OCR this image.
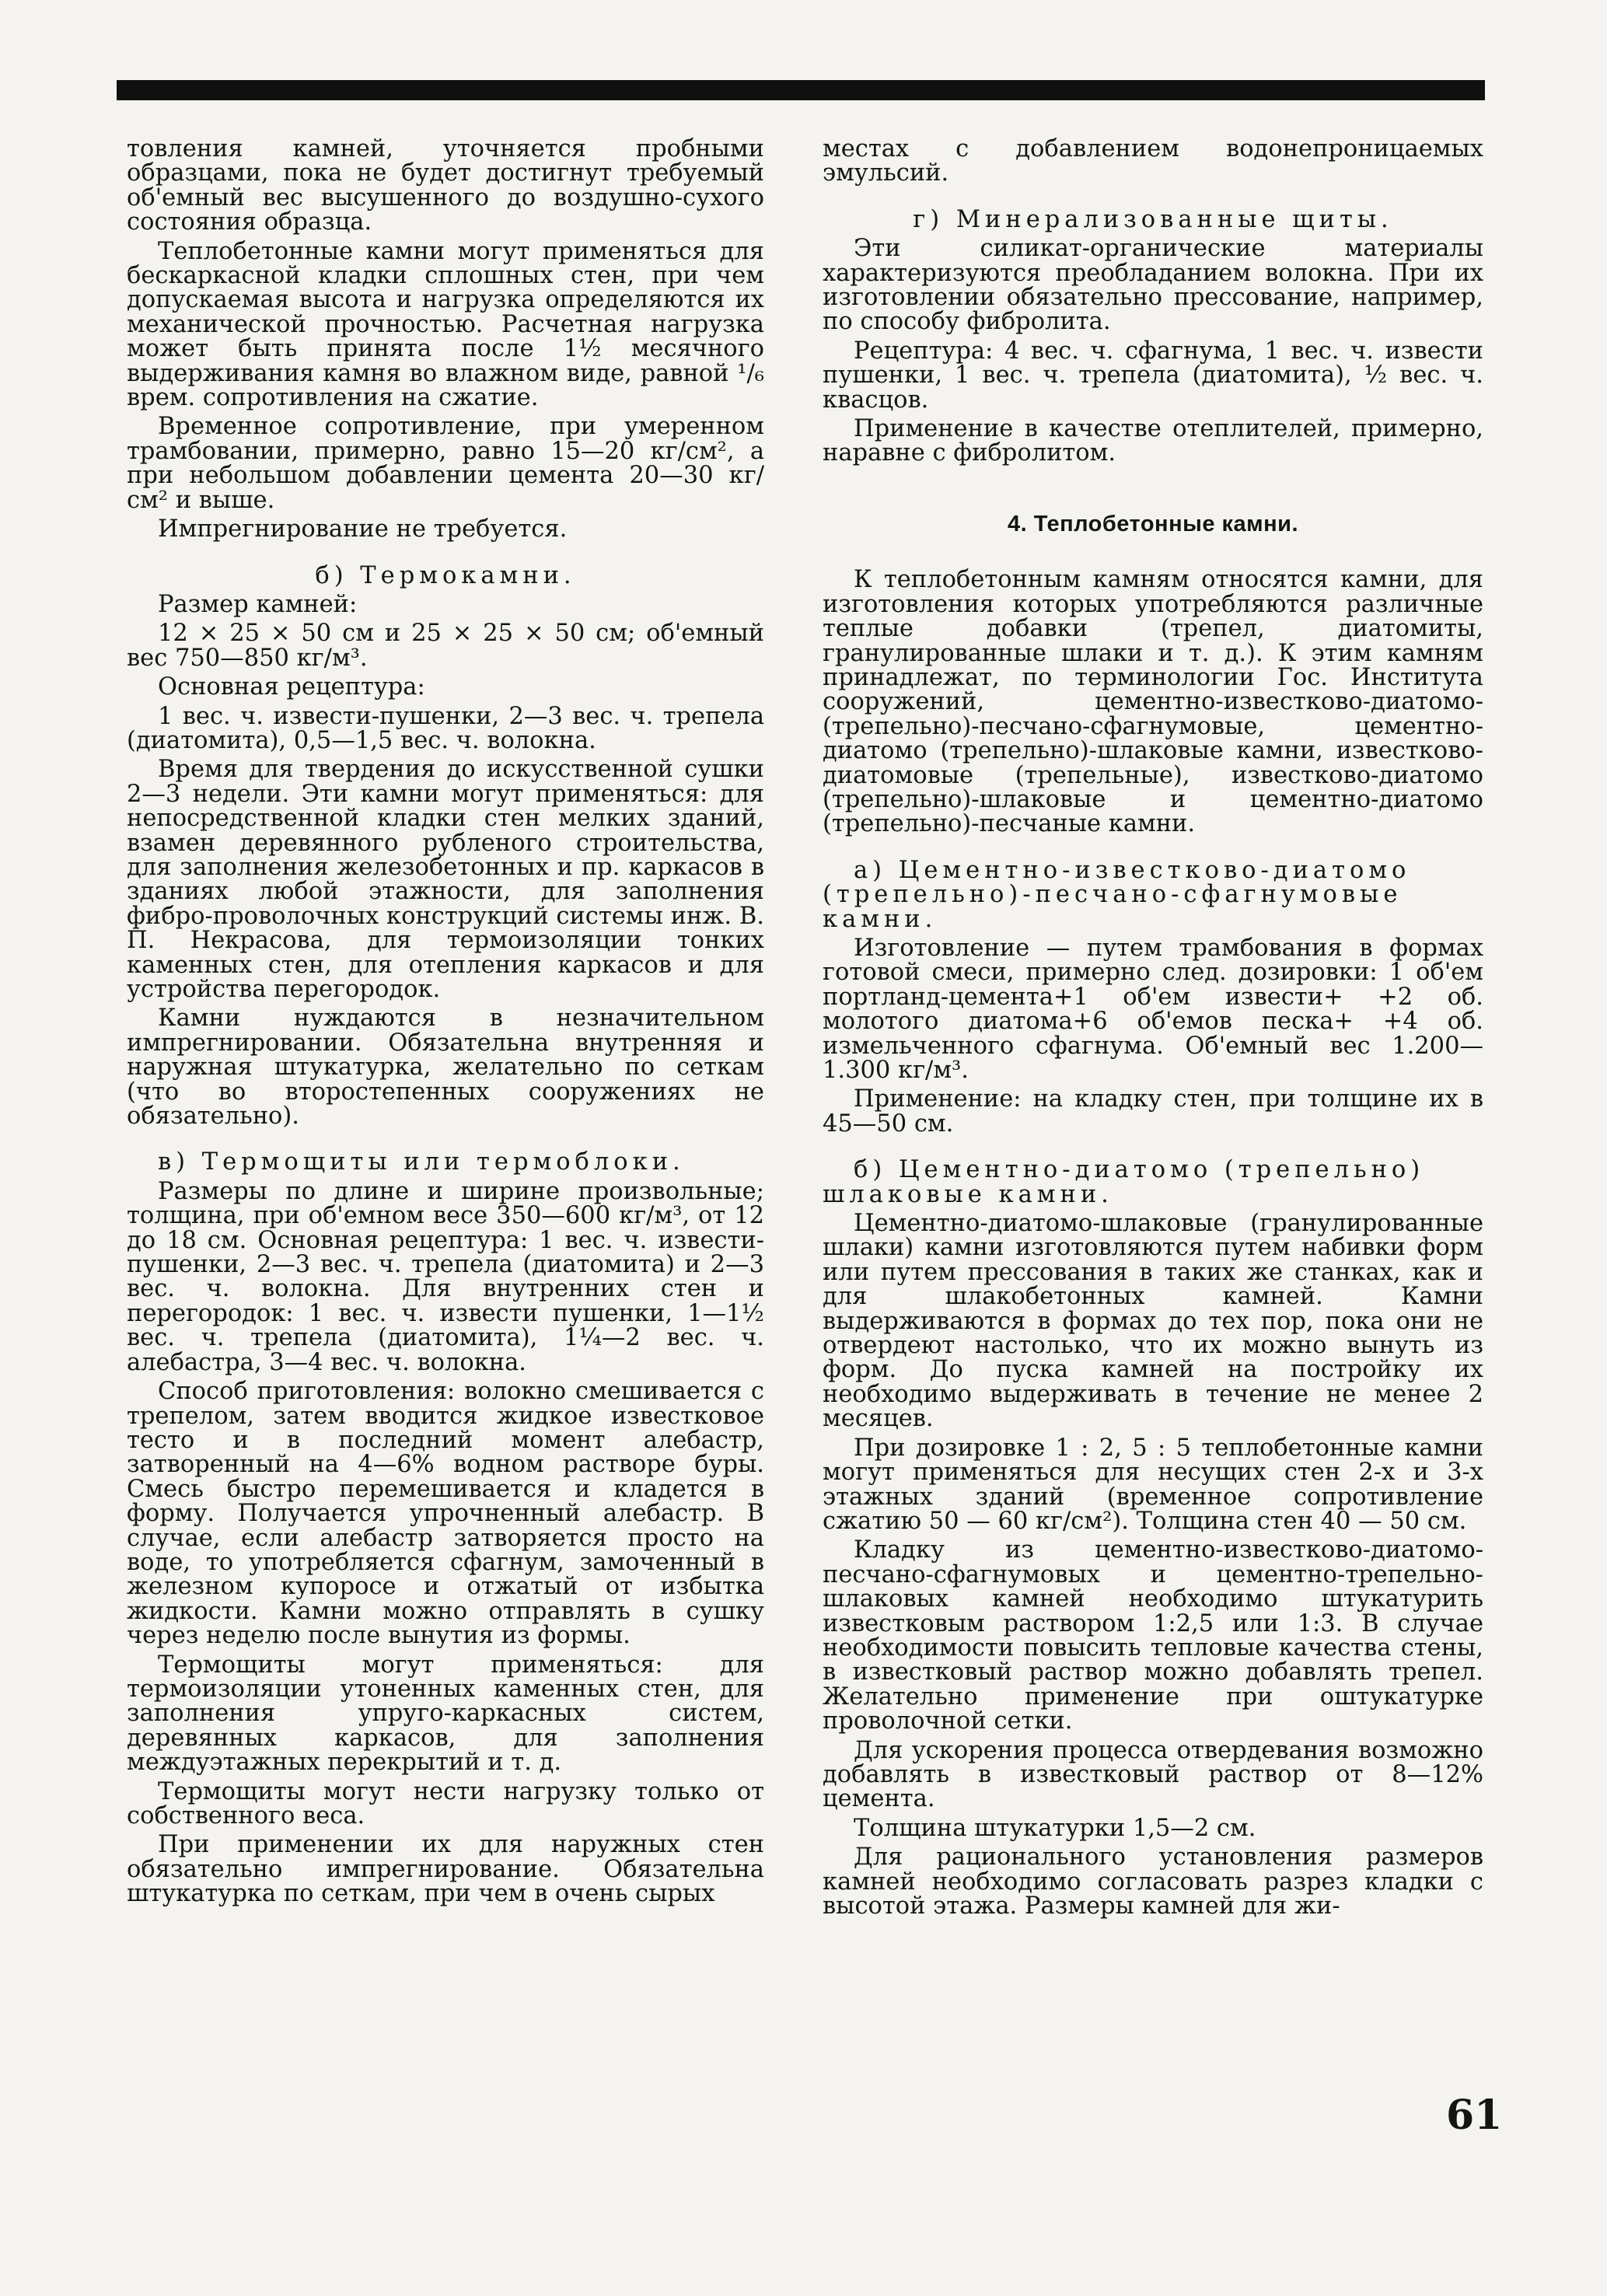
товления камней, уточняется пробными образцами, пока не будет достигнут требуемый об'емный вес высушенного до воздушно-сухого состояния образца.

Теплобетонные камни могут применяться для бескаркасной кладки сплошных стен, при чем допускаемая высота и нагрузка определяются их механической прочностью. Расчетная нагрузка может быть принята после 1½ месячного выдерживания камня во влажном виде, равной ¹/₆ врем. сопротивления на сжатие.

Временное сопротивление, при умеренном трамбовании, примерно, равно 15—20 кг/см², а при небольшом добавлении цемента 20—30 кг/см² и выше.

Импрегнирование не требуется.

б) Термокамни.

Размер камней:

12 × 25 × 50 см и 25 × 25 × 50 см; об'емный вес 750—850 кг/м³.

Основная рецептура:

1 вес. ч. извести-пушенки, 2—3 вес. ч. трепела (диатомита), 0,5—1,5 вес. ч. волокна.

Время для твердения до искусственной сушки 2—3 недели. Эти камни могут применяться: для непосредственной кладки стен мелких зданий, взамен деревянного рубленого строительства, для заполнения железобетонных и пр. каркасов в зданиях любой этажности, для заполнения фибро-проволочных конструкций системы инж. В. П. Некрасова, для термоизоляции тонких каменных стен, для отепления каркасов и для устройства перегородок.

Камни нуждаются в незначительном импрегнировании. Обязательна внутренняя и наружная штукатурка, желательно по сеткам (что во второстепенных сооружениях не обязательно).

в) Термощиты или термоблоки.

Размеры по длине и ширине произвольные; толщина, при об'емном весе 350—600 кг/м³, от 12 до 18 см. Основная рецептура: 1 вес. ч. извести-пушенки, 2—3 вес. ч. трепела (диатомита) и 2—3 вес. ч. волокна. Для внутренних стен и перегородок: 1 вес. ч. извести пушенки, 1—1½ вес. ч. трепела (диатомита), 1¼—2 вес. ч. алебастра, 3—4 вес. ч. волокна.

Способ приготовления: волокно смешивается с трепелом, затем вводится жидкое известковое тесто и в последний момент алебастр, затворенный на 4—6% водном растворе буры. Смесь быстро перемешивается и кладется в форму. Получается упрочненный алебастр. В случае, если алебастр затворяется просто на воде, то употребляется сфагнум, замоченный в железном купоросе и отжатый от избытка жидкости. Камни можно отправлять в сушку через неделю после вынутия из формы.

Термощиты могут применяться: для термоизоляции утоненных каменных стен, для заполнения упруго-каркасных систем, деревянных каркасов, для заполнения междуэтажных перекрытий и т. д.

Термощиты могут нести нагрузку только от собственного веса.

При применении их для наружных стен обязательно импрегнирование. Обязательна штукатурка по сеткам, при чем в очень сырых

местах с добавлением водонепроницаемых эмульсий.

г) Минерализованные щиты.

Эти силикат-органические материалы характеризуются преобладанием волокна. При их изготовлении обязательно прессование, например, по способу фибролита.

Рецептура: 4 вес. ч. сфагнума, 1 вес. ч. извести пушенки, 1 вес. ч. трепела (диатомита), ½ вес. ч. квасцов.

Применение в качестве отеплителей, примерно, наравне с фибролитом.

4. Теплобетонные камни.

К теплобетонным камням относятся камни, для изготовления которых употребляются различные теплые добавки (трепел, диатомиты, гранулированные шлаки и т. д.). К этим камням принадлежат, по терминологии Гос. Института сооружений, цементно-известково-диатомо- (трепельно)-песчано-сфагнумовые, цементно-диатомо (трепельно)-шлаковые камни, известково-диатомовые (трепельные), известково-диатомо (трепельно)-шлаковые и цементно-диатомо (трепельно)-песчаные камни.

а) Цементно-известково-диатомо (трепельно)-песчано-сфагнумовые камни.

Изготовление — путем трамбования в формах готовой смеси, примерно след. дозировки: 1 об'ем портланд-цемента+1 об'ем извести+ +2 об. молотого диатома+6 об'емов песка+ +4 об. измельченного сфагнума. Об'емный вес 1.200—1.300 кг/м³.

Применение: на кладку стен, при толщине их в 45—50 см.

б) Цементно-диатомо (трепельно) шлаковые камни.

Цементно-диатомо-шлаковые (гранулированные шлаки) камни изготовляются путем набивки форм или путем прессования в таких же станках, как и для шлакобетонных камней. Камни выдерживаются в формах до тех пор, пока они не отвердеют настолько, что их можно вынуть из форм. До пуска камней на постройку их необходимо выдерживать в течение не менее 2 месяцев.

При дозировке 1 : 2, 5 : 5 теплобетонные камни могут применяться для несущих стен 2-х и 3-х этажных зданий (временное сопротивление сжатию 50 — 60 кг/см²). Толщина стен 40 — 50 см.

Кладку из цементно-известково-диатомо-песчано-сфагнумовых и цементно-трепельно-шлаковых камней необходимо штукатурить известковым раствором 1:2,5 или 1:3. В случае необходимости повысить тепловые качества стены, в известковый раствор можно добавлять трепел. Желательно применение при оштукатурке проволочной сетки.

Для ускорения процесса отвердевания возможно добавлять в известковый раствор от 8—12% цемента.

Толщина штукатурки 1,5—2 см.

Для рационального установления размеров камней необходимо согласовать разрез кладки с высотой этажа. Размеры камней для жи-

61
